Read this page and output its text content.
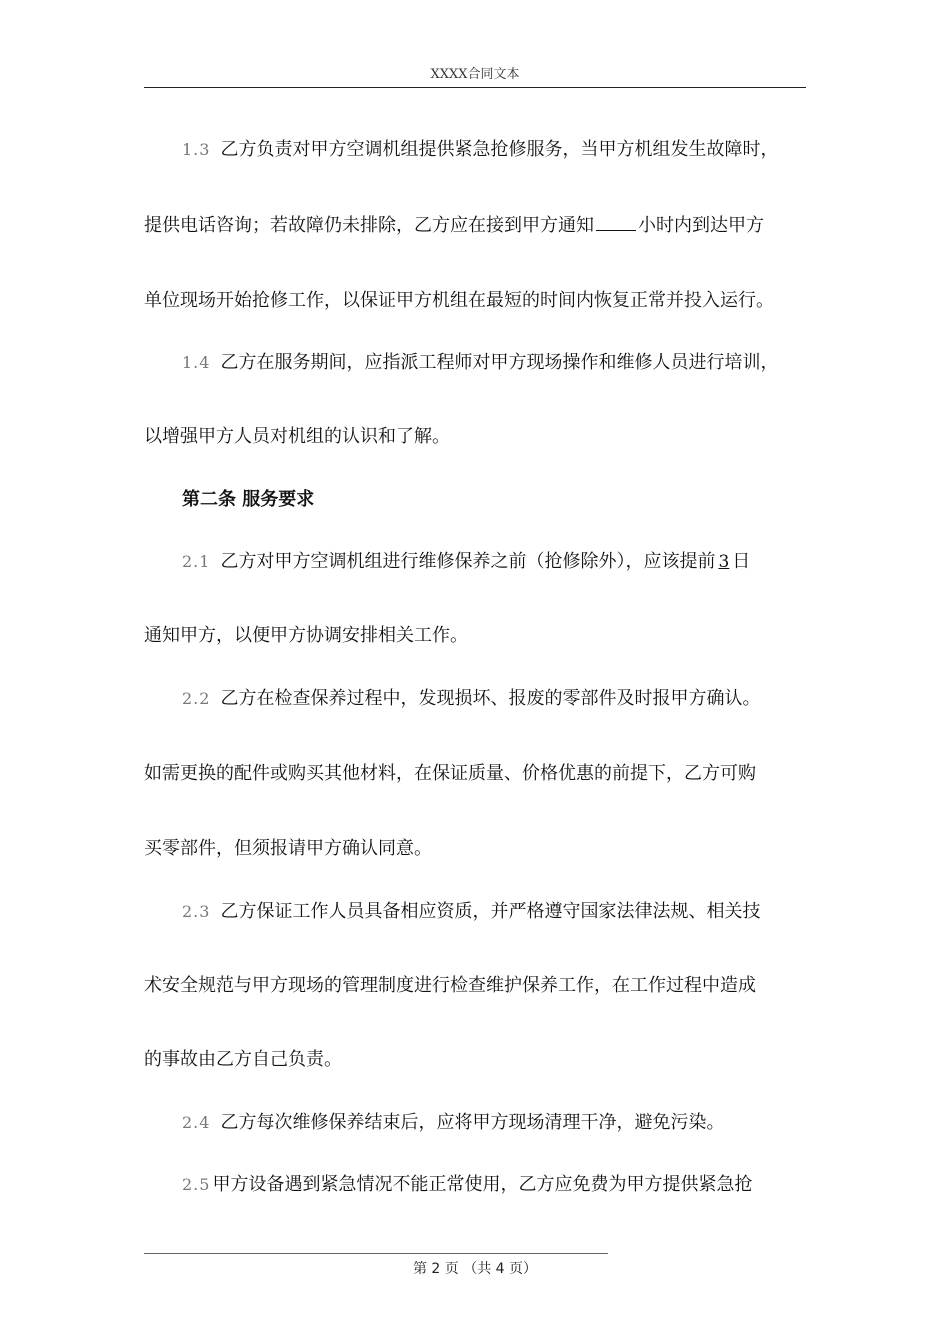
XXXX合同文本
1.3 乙方负责对甲方空调机组提供紧急抢修服务，当甲方机组发生故障时，
提供电话咨询；若故障仍未排除，乙方应在接到甲方通知 小时内到达甲方
单位现场开始抢修工作，以保证甲方机组在最短的时间内恢复正常并投入运行。
1.4 乙方在服务期间，应指派工程师对甲方现场操作和维修人员进行培训，
以增强甲方人员对机组的认识和了解。
第二条 服务要求
2.1 乙方对甲方空调机组进行维修保养之前（抢修除外），应该提前 3 日
通知甲方，以便甲方协调安排相关工作。
2.2 乙方在检查保养过程中，发现损坏、报废的零部件及时报甲方确认。
如需更换的配件或购买其他材料，在保证质量、价格优惠的前提下，乙方可购
买零部件，但须报请甲方确认同意。
2.3 乙方保证工作人员具备相应资质，并严格遵守国家法律法规、相关技
术安全规范与甲方现场的管理制度进行检查维护保养工作，在工作过程中造成
的事故由乙方自己负责。
2.4 乙方每次维修保养结束后，应将甲方现场清理干净，避免污染。
2.5 甲方设备遇到紧急情况不能正常使用，乙方应免费为甲方提供紧急抢
第 2 页 （共 4 页）
